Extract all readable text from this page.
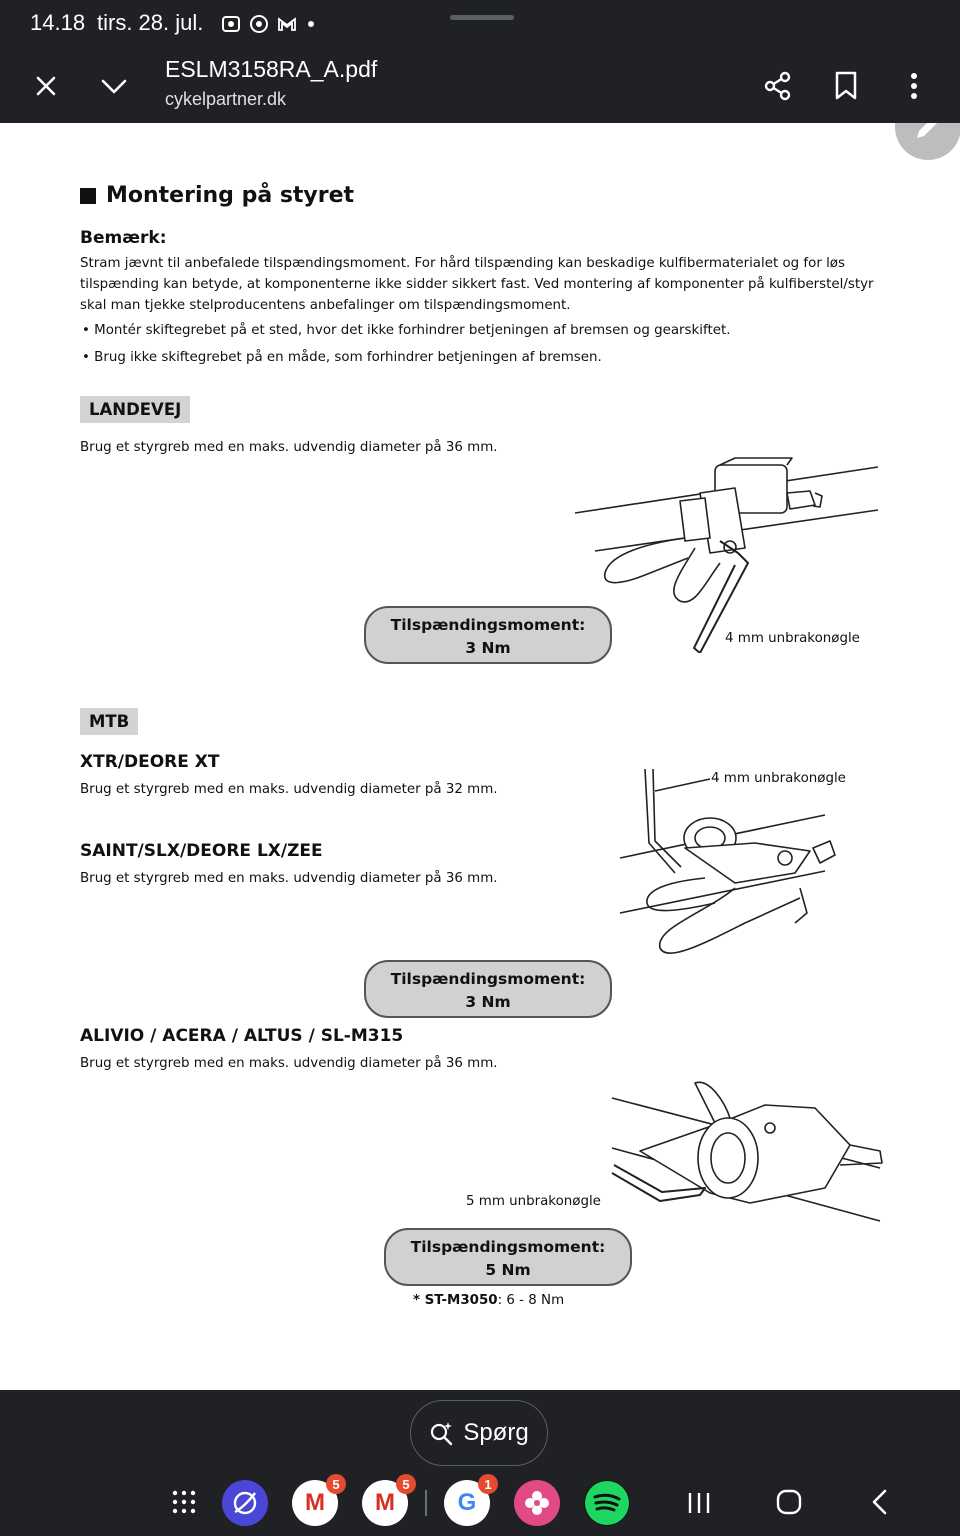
14.18 tirs. 28. jul.
ESLM3158RA_A.pdf
cykelpartner.dk
Montering på styret
Bemærk:
Stram jævnt til anbefalede tilspændingsmoment. For hård tilspænding kan beskadige kulfibermaterialet og for løs tilspænding kan betyde, at komponenterne ikke sidder sikkert fast. Ved montering af komponenter på kulfiberstel/styr skal man tjekke stelproducentens anbefalinger om tilspændingsmoment.
• Montér skiftegrebet på et sted, hvor det ikke forhindrer betjeningen af bremsen og gearskiftet.
• Brug ikke skiftegrebet på en måde, som forhindrer betjeningen af bremsen.
LANDEVEJ
Brug et styrgreb med en maks. udvendig diameter på 36 mm.
4 mm unbrakonøgle
Tilspændingsmoment:
3 Nm
MTB
XTR/DEORE XT
Brug et styrgreb med en maks. udvendig diameter på 32 mm.
SAINT/SLX/DEORE LX/ZEE
Brug et styrgreb med en maks. udvendig diameter på 36 mm.
4 mm unbrakonøgle
Tilspændingsmoment:
3 Nm
ALIVIO / ACERA / ALTUS / SL-M315
Brug et styrgreb med en maks. udvendig diameter på 36 mm.
5 mm unbrakonøgle
Tilspændingsmoment:
5 Nm
* ST-M3050: 6 - 8 Nm
Spørg
M
5
M
5
G
1
